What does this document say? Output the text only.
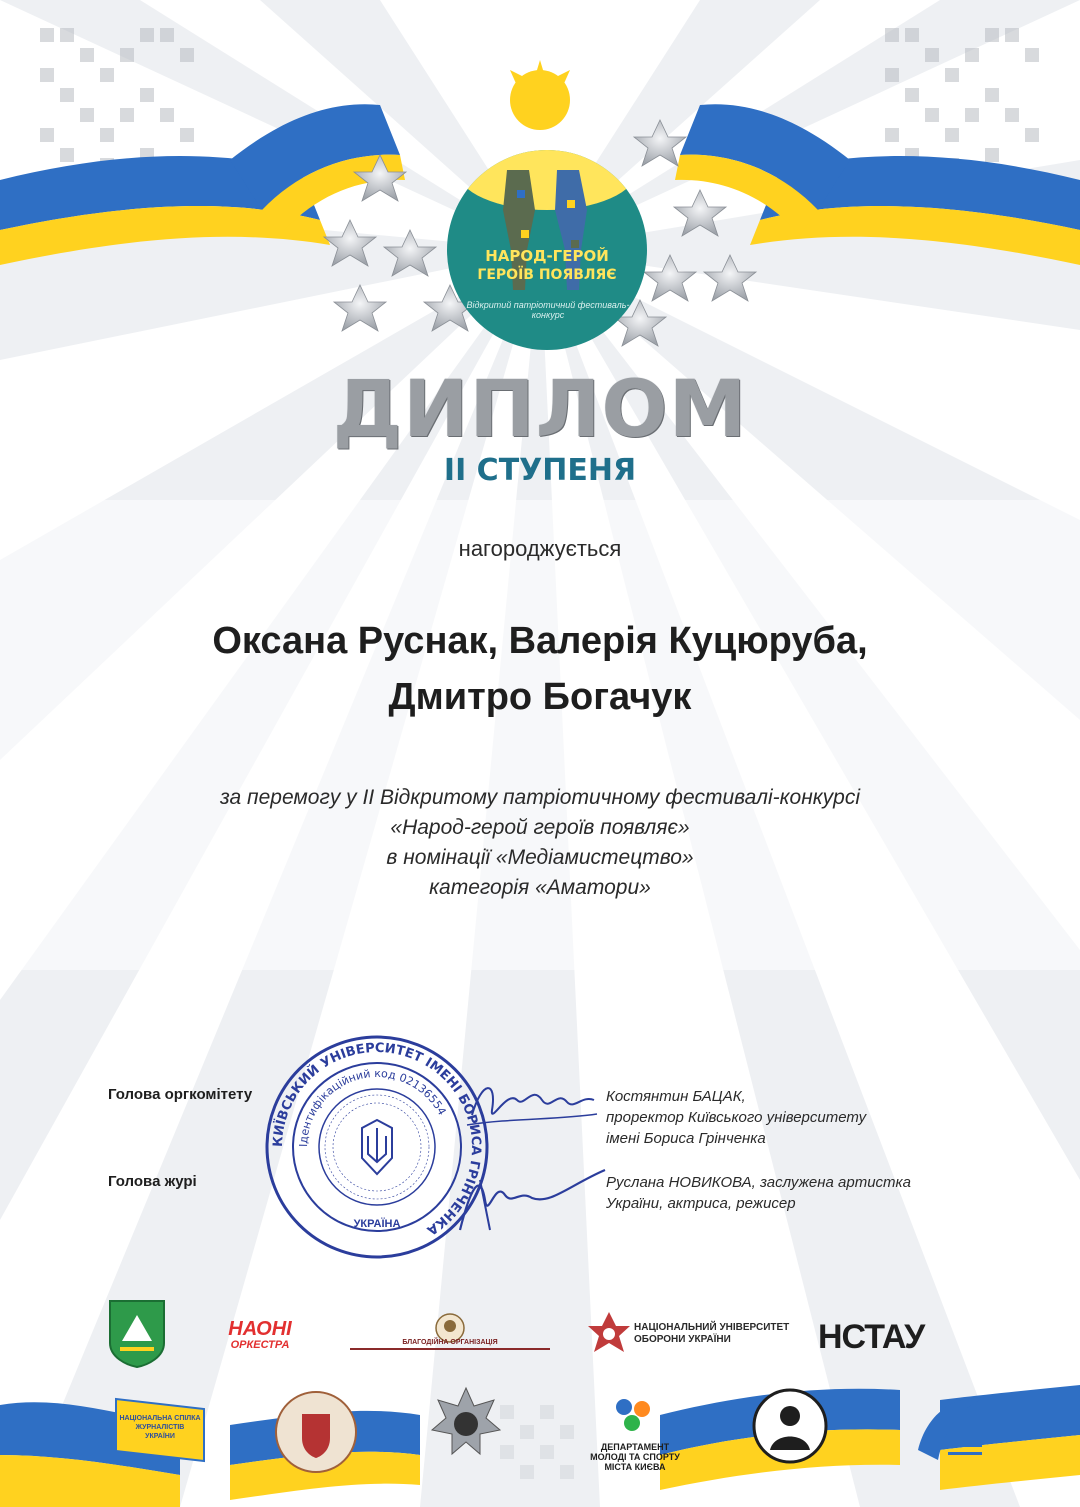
НАРОД-ГЕРОЙ
ГЕРОЇВ ПОЯВЛЯЄ
Відкритий патріотичний фестиваль-конкурс
ДИПЛОМ
II СТУПЕНЯ
нагороджується
Оксана Руснак, Валерія Куцюруба,
Дмитро Богачук
за перемогу у II Відкритому патріотичному фестивалі-конкурсі
«Народ-герой героїв появляє»
в номінації «Медіамистецтво»
категорія «Аматори»
КИЇВСЬКИЙ УНІВЕРСИТЕТ ІМЕНІ БОРИСА ГРІНЧЕНКА
Ідентифікаційний код 02136554
УКРАЇНА
Голова оргкомітету
Голова журі
Костянтин БАЦАК,
проректор Київського університету
імені Бориса Грінченка
Руслана НОВИКОВА, заслужена артистка
України, актриса, режисер
НАОНІ
ОРКЕСТРА	БЛАГОДІЙНА ОРГАНІЗАЦІЯ
НАЦІОНАЛЬНИЙ УНІВЕРСИТЕТ
ОБОРОНИ УКРАЇНИ	НСТАУ
НАЦІОНАЛЬНА СПІЛКА
ЖУРНАЛІСТІВ
УКРАЇНИ
ДЕПАРТАМЕНТ
МОЛОДІ ТА СПОРТУ
МІСТА КИЄВА
